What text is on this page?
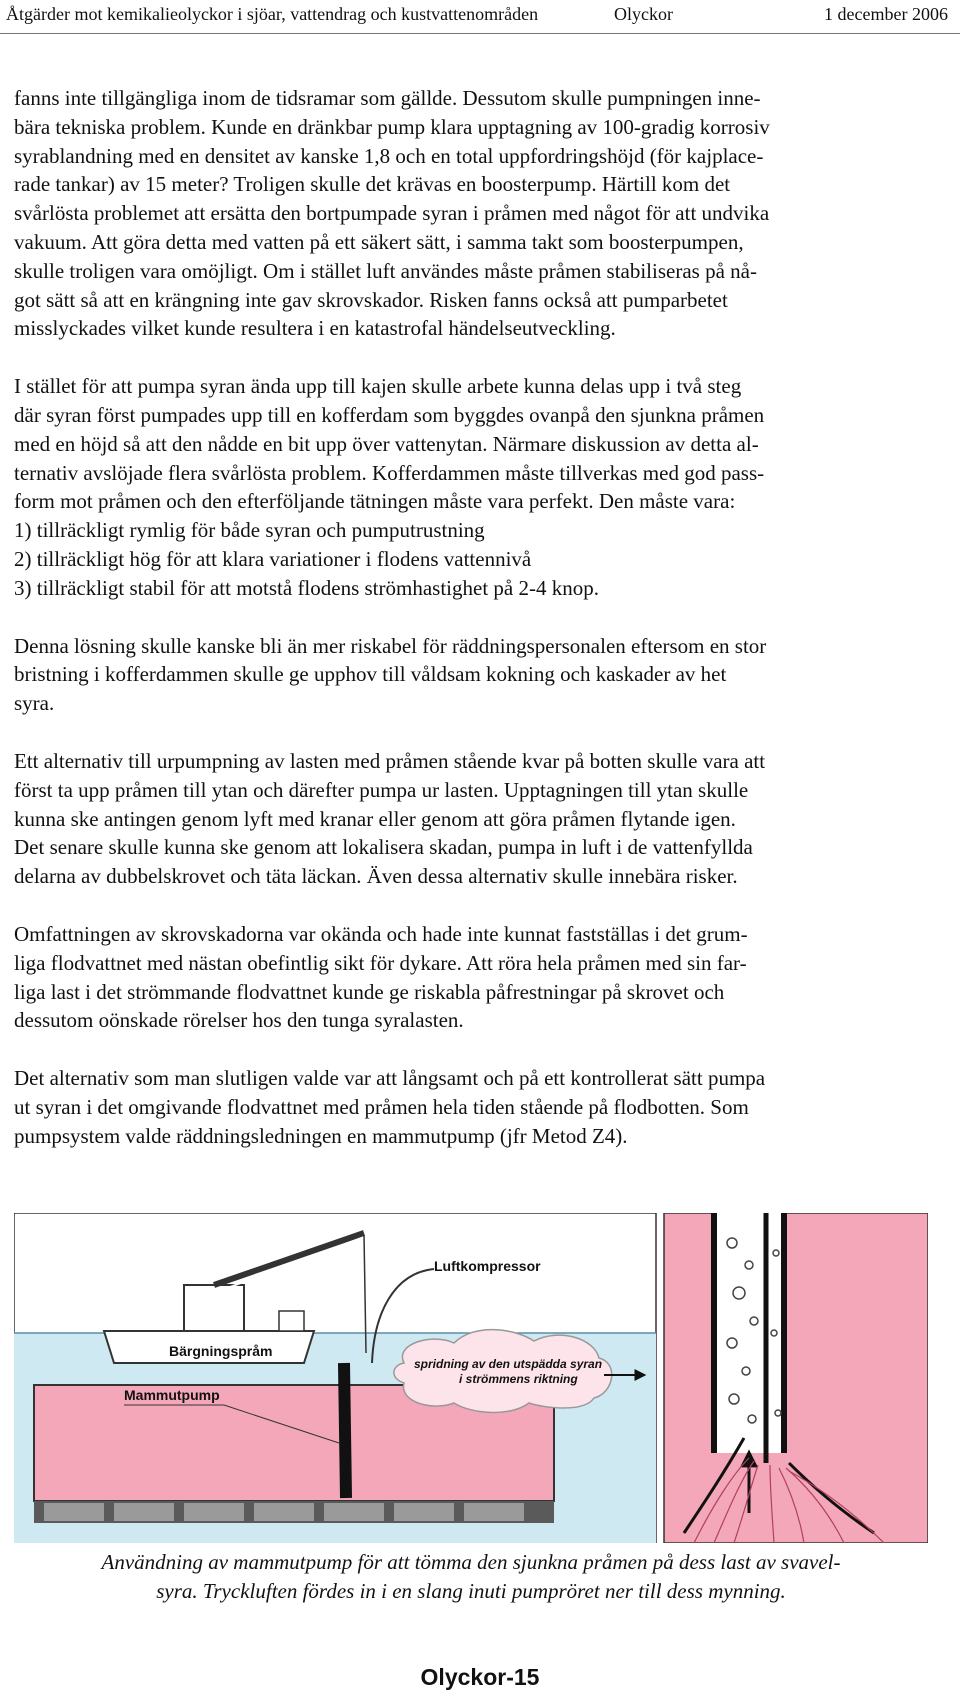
Åtgärder mot kemikalieolyckor i sjöar, vattendrag och kustvattenområden	Olyckor	1 december 2006

fanns inte tillgängliga inom de tidsramar som gällde. Dessutom skulle pumpningen inne-
bära tekniska problem. Kunde en dränkbar pump klara upptagning av 100-gradig korrosiv
syrablandning med en densitet av kanske 1,8 och en total uppfordringshöjd (för kajplace-
rade tankar) av 15 meter? Troligen skulle det krävas en boosterpump. Härtill kom det
svårlösta problemet att ersätta den bortpumpade syran i pråmen med något för att undvika
vakuum. Att göra detta med vatten på ett säkert sätt, i samma takt som boosterpumpen,
skulle troligen vara omöjligt. Om i stället luft användes måste pråmen stabiliseras på nå-
got sätt så att en krängning inte gav skrovskador. Risken fanns också att pumparbetet
misslyckades vilket kunde resultera i en katastrofal händelseutveckling.

I stället för att pumpa syran ända upp till kajen skulle arbete kunna delas upp i två steg
där syran först pumpades upp till en kofferdam som byggdes ovanpå den sjunkna pråmen
med en höjd så att den nådde en bit upp över vattenytan. Närmare diskussion av detta al-
ternativ avslöjade flera svårlösta problem. Kofferdammen måste tillverkas med god pass-
form mot pråmen och den efterföljande tätningen måste vara perfekt. Den måste vara:
1) tillräckligt rymlig för både syran och pumputrustning
2) tillräckligt hög för att klara variationer i flodens vattennivå
3) tillräckligt stabil för att motstå flodens strömhastighet på 2-4 knop.

Denna lösning skulle kanske bli än mer riskabel för räddningspersonalen eftersom en stor
bristning i kofferdammen skulle ge upphov till våldsam kokning och kaskader av het
syra.

Ett alternativ till urpumpning av lasten med pråmen stående kvar på botten skulle vara att
först ta upp pråmen till ytan och därefter pumpa ur lasten. Upptagningen till ytan skulle
kunna ske antingen genom lyft med kranar eller genom att göra pråmen flytande igen.
Det senare skulle kunna ske genom att lokalisera skadan, pumpa in luft i de vattenfyllda
delarna av dubbelskrovet och täta läckan. Även dessa alternativ skulle innebära risker.

Omfattningen av skrovskadorna var okända och hade inte kunnat fastställas i det grum-
liga flodvattnet med nästan obefintlig sikt för dykare. Att röra hela pråmen med sin far-
liga last i det strömmande flodvattnet kunde ge riskabla påfrestningar på skrovet och
dessutom oönskade rörelser hos den tunga syralasten.

Det alternativ som man slutligen valde var att långsamt och på ett kontrollerat sätt pumpa
ut syran i det omgivande flodvattnet med pråmen hela tiden stående på flodbotten. Som
pumpsystem valde räddningsledningen en mammutpump (jfr Metod Z4).

Luftkompressor
Bärgningspråm
Mammutpump
spridning av den utspädda syran
i strömmens riktning
Användning av mammutpump för att tömma den sjunkna pråmen på dess last av svavel-
syra. Tryckluften fördes in i en slang inuti pumpröret ner till dess mynning.
Olyckor-15
